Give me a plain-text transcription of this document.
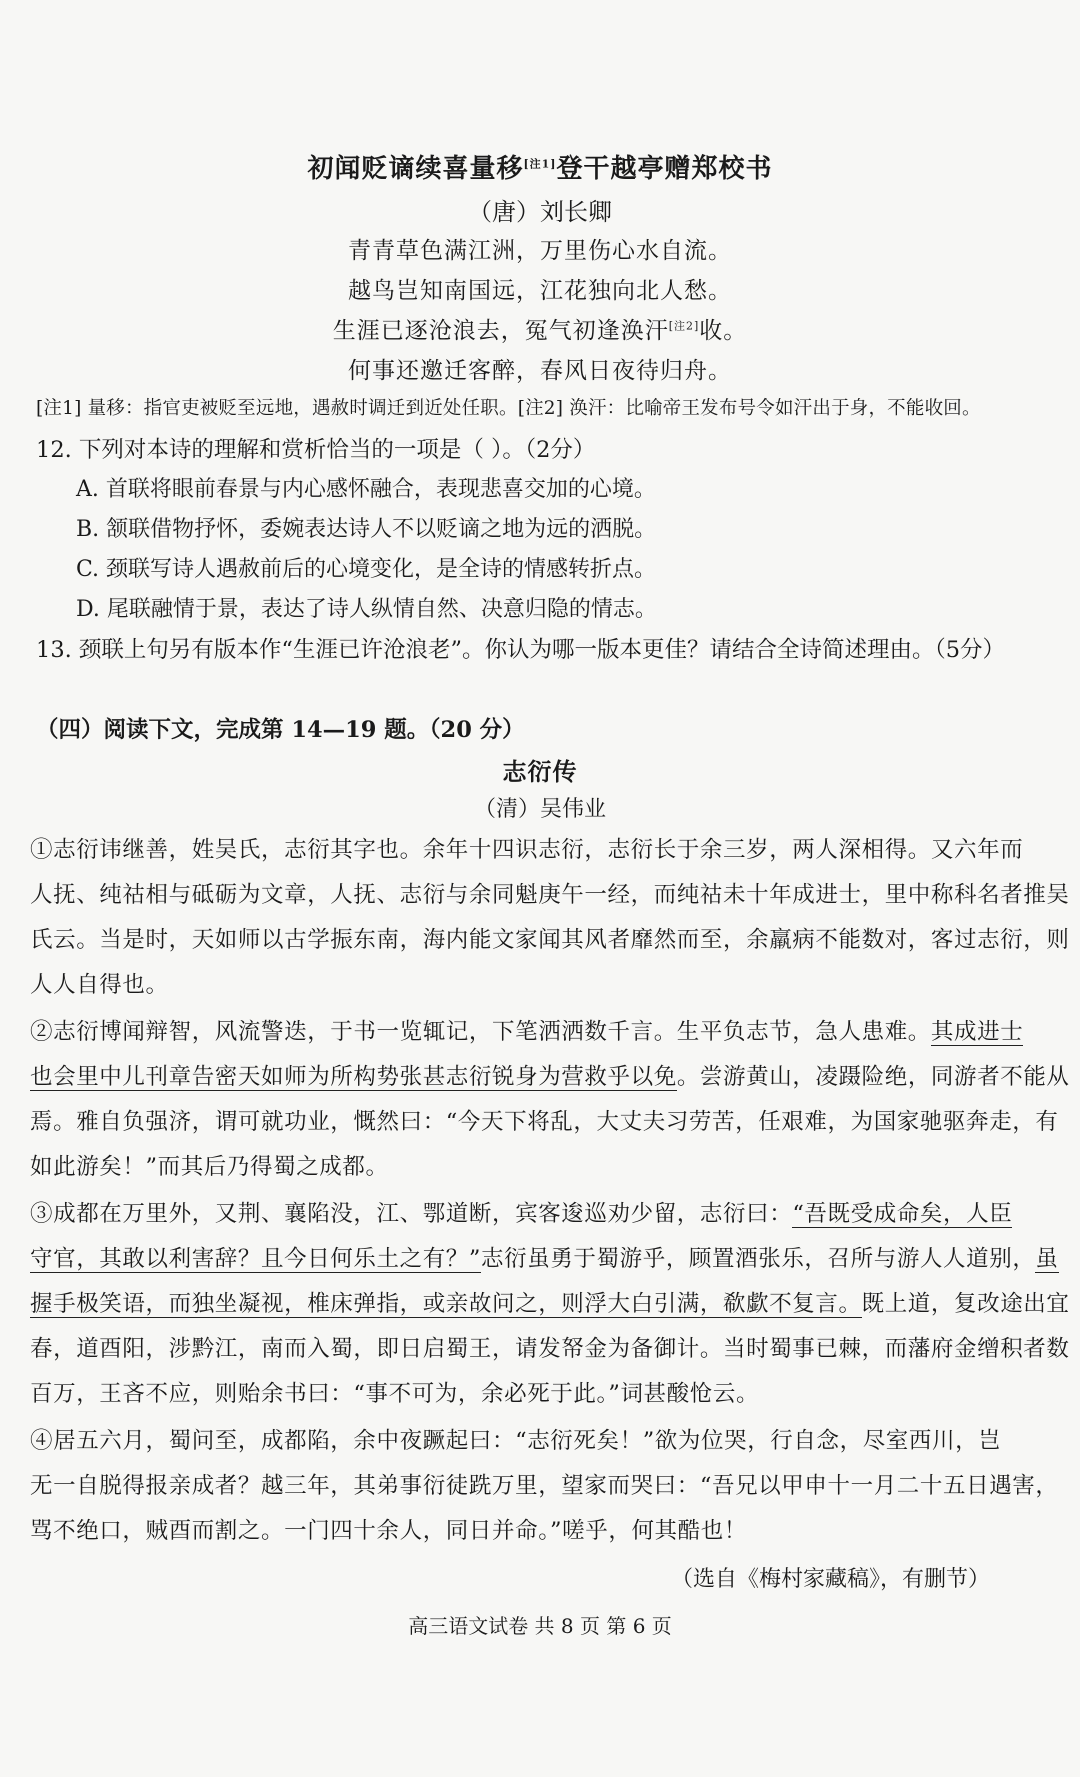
初闻贬谪续喜量移[注1]登干越亭赠郑校书

（唐）刘长卿

青青草色满江洲，万里伤心水自流。

越鸟岂知南国远，江花独向北人愁。

生涯已逐沧浪去，冤气初逢涣汗[注2]收。

何事还邀迁客醉，春风日夜待归舟。

[注1] 量移：指官吏被贬至远地，遇赦时调迁到近处任职。[注2] 涣汗：比喻帝王发布号令如汗出于身，不能收回。

12. 下列对本诗的理解和赏析恰当的一项是（ ）。（2分）

A. 首联将眼前春景与内心感怀融合，表现悲喜交加的心境。

B. 颔联借物抒怀，委婉表达诗人不以贬谪之地为远的洒脱。

C. 颈联写诗人遇赦前后的心境变化，是全诗的情感转折点。

D. 尾联融情于景，表达了诗人纵情自然、决意归隐的情志。

13. 颈联上句另有版本作“生涯已许沧浪老”。你认为哪一版本更佳？请结合全诗简述理由。（5分）

（四）阅读下文，完成第 14—19 题。（20 分）

志衍传

（清）吴伟业

①志衍讳继善，姓吴氏，志衍其字也。余年十四识志衍，志衍长于余三岁，两人深相得。又六年而

人抚、纯祜相与砥砺为文章，人抚、志衍与余同魁庚午一经，而纯祜未十年成进士，里中称科名者推吴

氏云。当是时，天如师以古学振东南，海内能文家闻其风者靡然而至，余羸病不能数对，客过志衍，则

人人自得也。

②志衍博闻辩智，风流警迭，于书一览辄记，下笔洒洒数千言。生平负志节，急人患难。其成进士

也会里中儿刊章告密天如师为所构势张甚志衍锐身为营救乎以免。尝游黄山，凌蹑险绝，同游者不能从

焉。雅自负强济，谓可就功业，慨然曰：“今天下将乱，大丈夫习劳苦，任艰难，为国家驰驱奔走，有

如此游矣！”而其后乃得蜀之成都。

③成都在万里外，又荆、襄陷没，江、鄂道断，宾客逡巡劝少留，志衍曰：“吾既受成命矣，人臣

守官，其敢以利害辞？且今日何乐土之有？”志衍虽勇于蜀游乎，顾置酒张乐，召所与游人人道别，虽

握手极笑语，而独坐凝视，椎床弹指，或亲故问之，则浮大白引满，欷歔不复言。既上道，复改途出宜

春，道酉阳，涉黔江，南而入蜀，即日启蜀王，请发帑金为备御计。当时蜀事已棘，而藩府金缯积者数

百万，王吝不应，则贻余书曰：“事不可为，余必死于此。”词甚酸怆云。

④居五六月，蜀问至，成都陷，余中夜蹶起曰：“志衍死矣！”欲为位哭，行自念，尽室西川，岂

无一自脱得报亲成者？越三年，其弟事衍徒跣万里，望家而哭曰：“吾兄以甲申十一月二十五日遇害，

骂不绝口，贼酉而割之。一门四十余人，同日并命。”嗟乎，何其酷也！

（选自《梅村家藏稿》，有删节）

高三语文试卷 共 8 页 第 6 页
